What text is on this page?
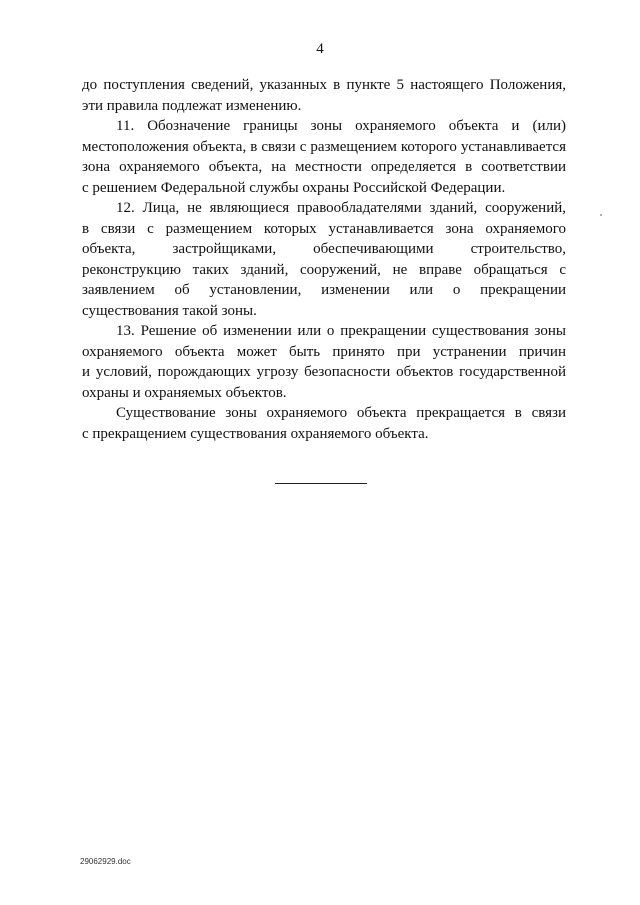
4
до поступления сведений, указанных в пункте 5 настоящего Положения,
эти правила подлежат изменению.
11. Обозначение границы зоны охраняемого объекта и (или)
местоположения объекта, в связи с размещением которого устанавливается
зона охраняемого объекта, на местности определяется в соответствии
с решением Федеральной службы охраны Российской Федерации.
12. Лица, не являющиеся правообладателями зданий, сооружений,
в связи с размещением которых устанавливается зона охраняемого
объекта, застройщиками, обеспечивающими строительство,
реконструкцию таких зданий, сооружений, не вправе обращаться с
заявлением об установлении, изменении или о прекращении
существования такой зоны.
13. Решение об изменении или о прекращении существования зоны
охраняемого объекта может быть принято при устранении причин
и условий, порождающих угрозу безопасности объектов государственной
охраны и охраняемых объектов.
Существование зоны охраняемого объекта прекращается в связи
с прекращением существования охраняемого объекта.
29062929.doc
